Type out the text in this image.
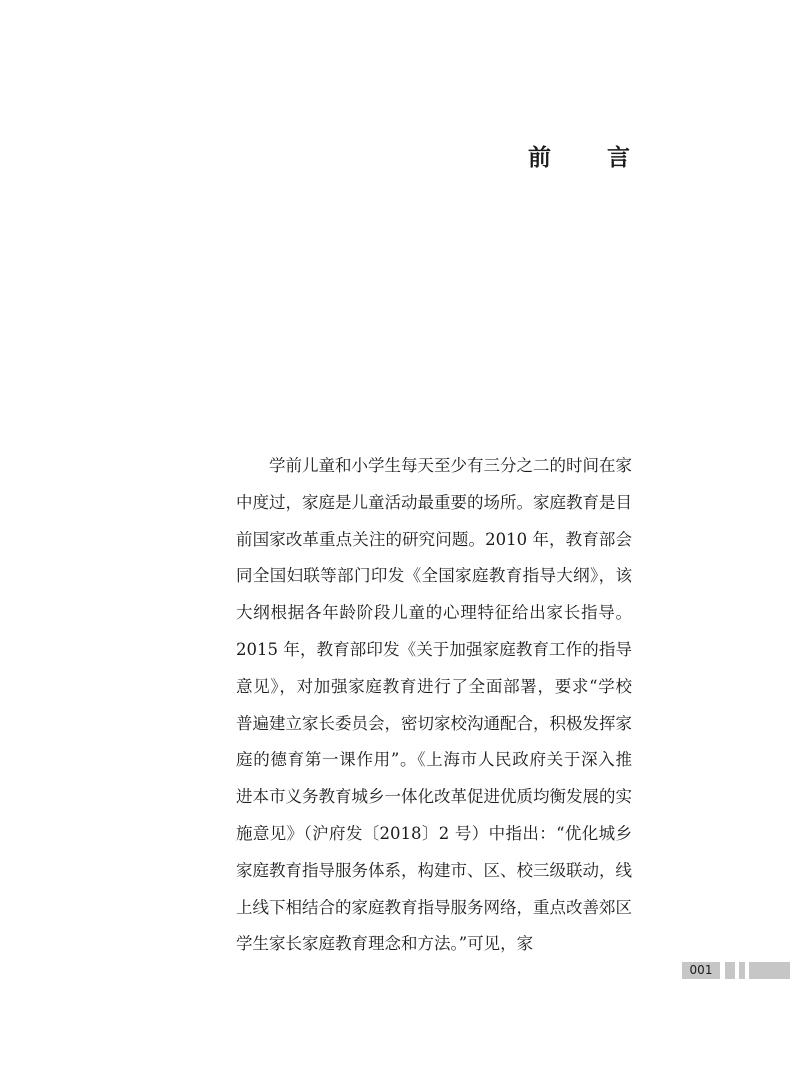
前 言

学前儿童和小学生每天至少有三分之二的时间在家中度过，家庭是儿童活动最重要的场所。家庭教育是目前国家改革重点关注的研究问题。2010 年，教育部会同全国妇联等部门印发《全国家庭教育指导大纲》，该大纲根据各年龄阶段儿童的心理特征给出家长指导。2015 年，教育部印发《关于加强家庭教育工作的指导意见》，对加强家庭教育进行了全面部署，要求“学校普遍建立家长委员会，密切家校沟通配合，积极发挥家庭的德育第一课作用”。《上海市人民政府关于深入推进本市义务教育城乡一体化改革促进优质均衡发展的实施意见》（沪府发〔2018〕2 号）中指出：“优化城乡家庭教育指导服务体系，构建市、区、校三级联动，线上线下相结合的家庭教育指导服务网络，重点改善郊区学生家长家庭教育理念和方法。”可见，家

001
